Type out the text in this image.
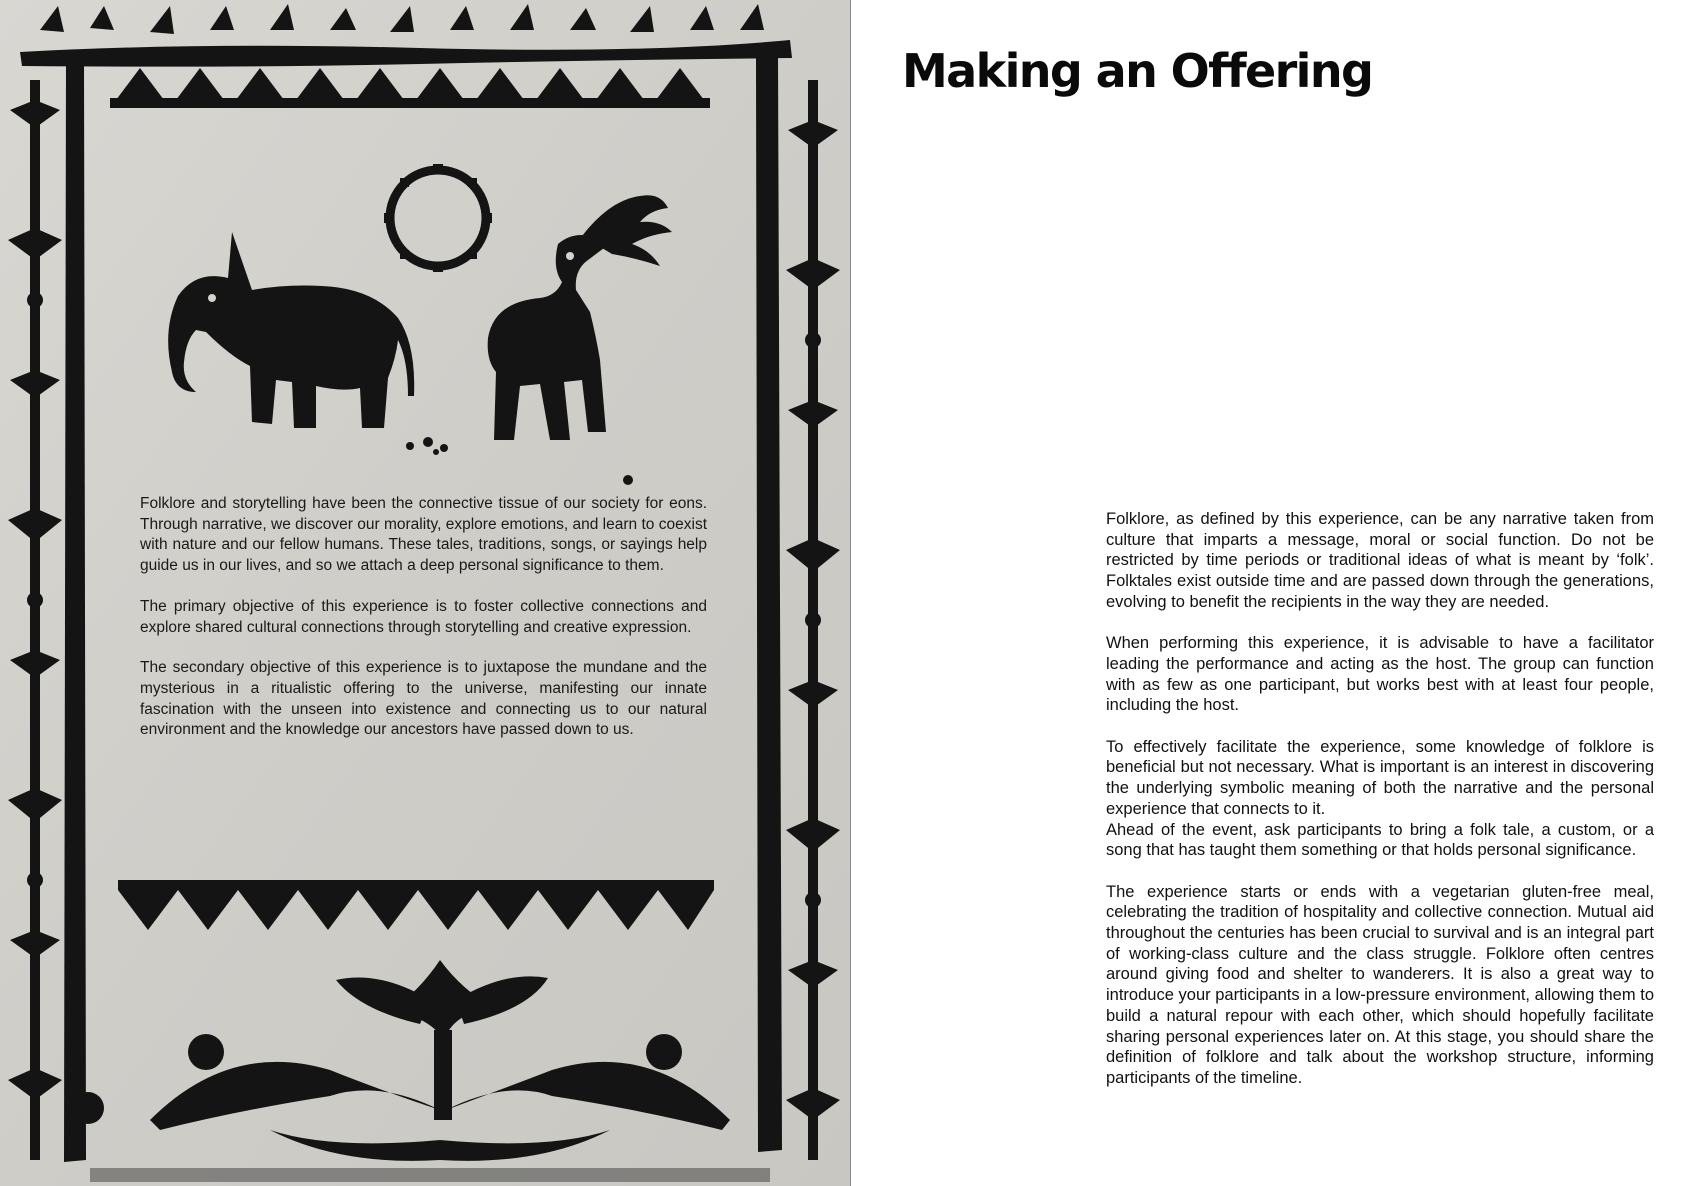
Folklore and storytelling have been the connective tissue of our society for eons. Through narrative, we discover our morality, explore emotions, and learn to coexist with nature and our fellow humans. These tales, traditions, songs, or sayings help guide us in our lives, and so we attach a deep personal significance to them.

The primary objective of this experience is to foster collective connections and explore shared cultural connections through storytelling and creative expression.

The secondary objective of this experience is to juxtapose the mundane and the mysterious in a ritualistic offering to the universe, manifesting our innate fascination with the unseen into existence and connecting us to our natural environment and the knowledge our ancestors have passed down to us.

Making an Offering

Folklore, as defined by this experience, can be any narrative taken from culture that imparts a message, moral or social function. Do not be restricted by time periods or traditional ideas of what is meant by ‘folk’. Folktales exist outside time and are passed down through the generations, evolving to benefit the recipients in the way they are needed.

When performing this experience, it is advisable to have a facilitator leading the performance and acting as the host. The group can function with as few as one participant, but works best with at least four people, including the host.

To effectively facilitate the experience, some knowledge of folklore is beneficial but not necessary. What is important is an interest in discovering the underlying symbolic meaning of both the narrative and the personal experience that connects to it.

Ahead of the event, ask participants to bring a folk tale, a custom, or a song that has taught them something or that holds personal significance.

The experience starts or ends with a vegetarian gluten-free meal, celebrating the tradition of hospitality and collective connection. Mutual aid throughout the centuries has been crucial to survival and is an integral part of working-class culture and the class struggle. Folklore often centres around giving food and shelter to wanderers. It is also a great way to introduce your participants in a low-pressure environment, allowing them to build a natural repour with each other, which should hopefully facilitate sharing personal experiences later on. At this stage, you should share the definition of folklore and talk about the workshop structure, informing participants of the timeline.
